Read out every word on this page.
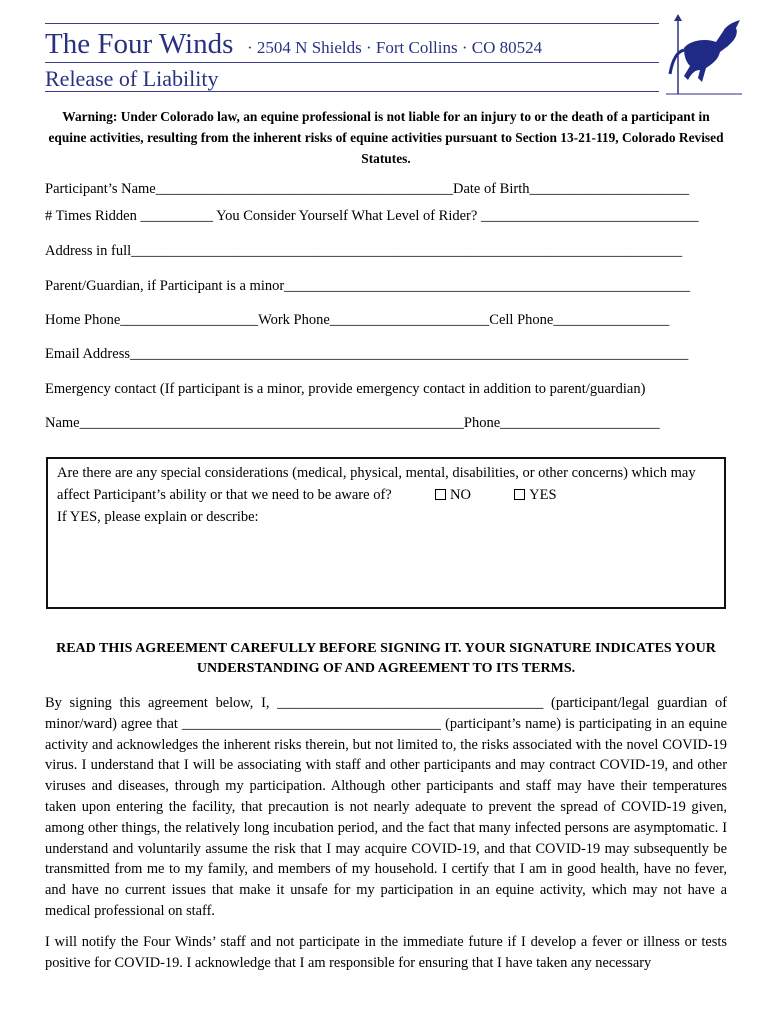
The Four Winds · 2504 N Shields · Fort Collins · CO 80524
Release of Liability
Warning: Under Colorado law, an equine professional is not liable for an injury to or the death of a participant in equine activities, resulting from the inherent risks of equine activities pursuant to Section 13-21-119, Colorado Revised Statutes.
Participant’s Name_________________________________________Date of Birth______________________
# Times Ridden __________ You Consider Yourself What Level of Rider? ______________________________
Address in full____________________________________________________________________________
Parent/Guardian, if Participant is a minor________________________________________________________
Home Phone___________________Work Phone______________________Cell Phone________________
Email Address_____________________________________________________________________________
Emergency contact (If participant is a minor, provide emergency contact in addition to parent/guardian)
Name_____________________________________________________Phone______________________
Are there are any special considerations (medical, physical, mental, disabilities, or other concerns) which may affect Participant’s ability or that we need to be aware of?	NO	YES
If YES, please explain or describe:
READ THIS AGREEMENT CAREFULLY BEFORE SIGNING IT. YOUR SIGNATURE INDICATES YOUR UNDERSTANDING OF AND AGREEMENT TO ITS TERMS.
By signing this agreement below, I, _____________________________________ (participant/legal guardian of minor/ward) agree that ____________________________________ (participant’s name) is participating in an equine activity and acknowledges the inherent risks therein, but not limited to, the risks associated with the novel COVID-19 virus. I understand that I will be associating with staff and other participants and may contract COVID-19, and other viruses and diseases, through my participation. Although other participants and staff may have their temperatures taken upon entering the facility, that precaution is not nearly adequate to prevent the spread of COVID-19 given, among other things, the relatively long incubation period, and the fact that many infected persons are asymptomatic. I understand and voluntarily assume the risk that I may acquire COVID-19, and that COVID-19 may subsequently be transmitted from me to my family, and members of my household. I certify that I am in good health, have no fever, and have no current issues that make it unsafe for my participation in an equine activity, which may not have a medical professional on staff.
I will notify the Four Winds’ staff and not participate in the immediate future if I develop a fever or illness or tests positive for COVID-19. I acknowledge that I am responsible for ensuring that I have taken any necessary
